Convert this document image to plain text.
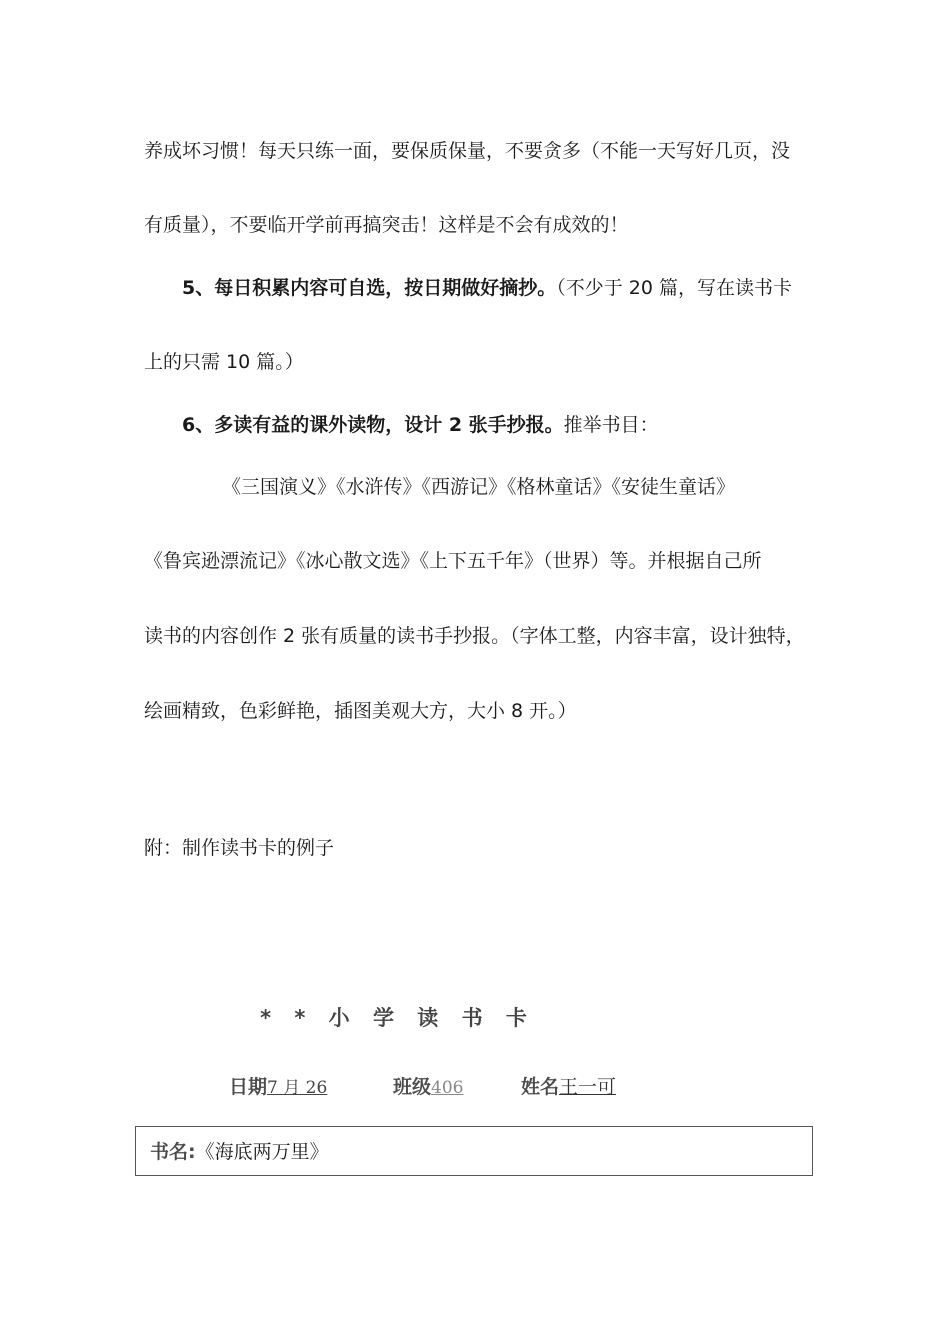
养成坏习惯！每天只练一面，要保质保量，不要贪多（不能一天写好几页，没
有质量），不要临开学前再搞突击！这样是不会有成效的！
5、每日积累内容可自选，按日期做好摘抄。（不少于 20 篇，写在读书卡
上的只需 10 篇。）
6、多读有益的课外读物，设计 2 张手抄报。推举书目：
《三国演义》《水浒传》《西游记》《格林童话》《安徒生童话》
《鲁宾逊漂流记》《冰心散文选》《上下五千年》（世界）等。并根据自己所
读书的内容创作 2 张有质量的读书手抄报。（字体工整，内容丰富，设计独特，
绘画精致，色彩鲜艳，插图美观大方，大小 8 开。）
附：制作读书卡的例子
* * 小 学 读 书 卡
日期7 月 26	班级406	姓名王一可
书名:《海底两万里》
